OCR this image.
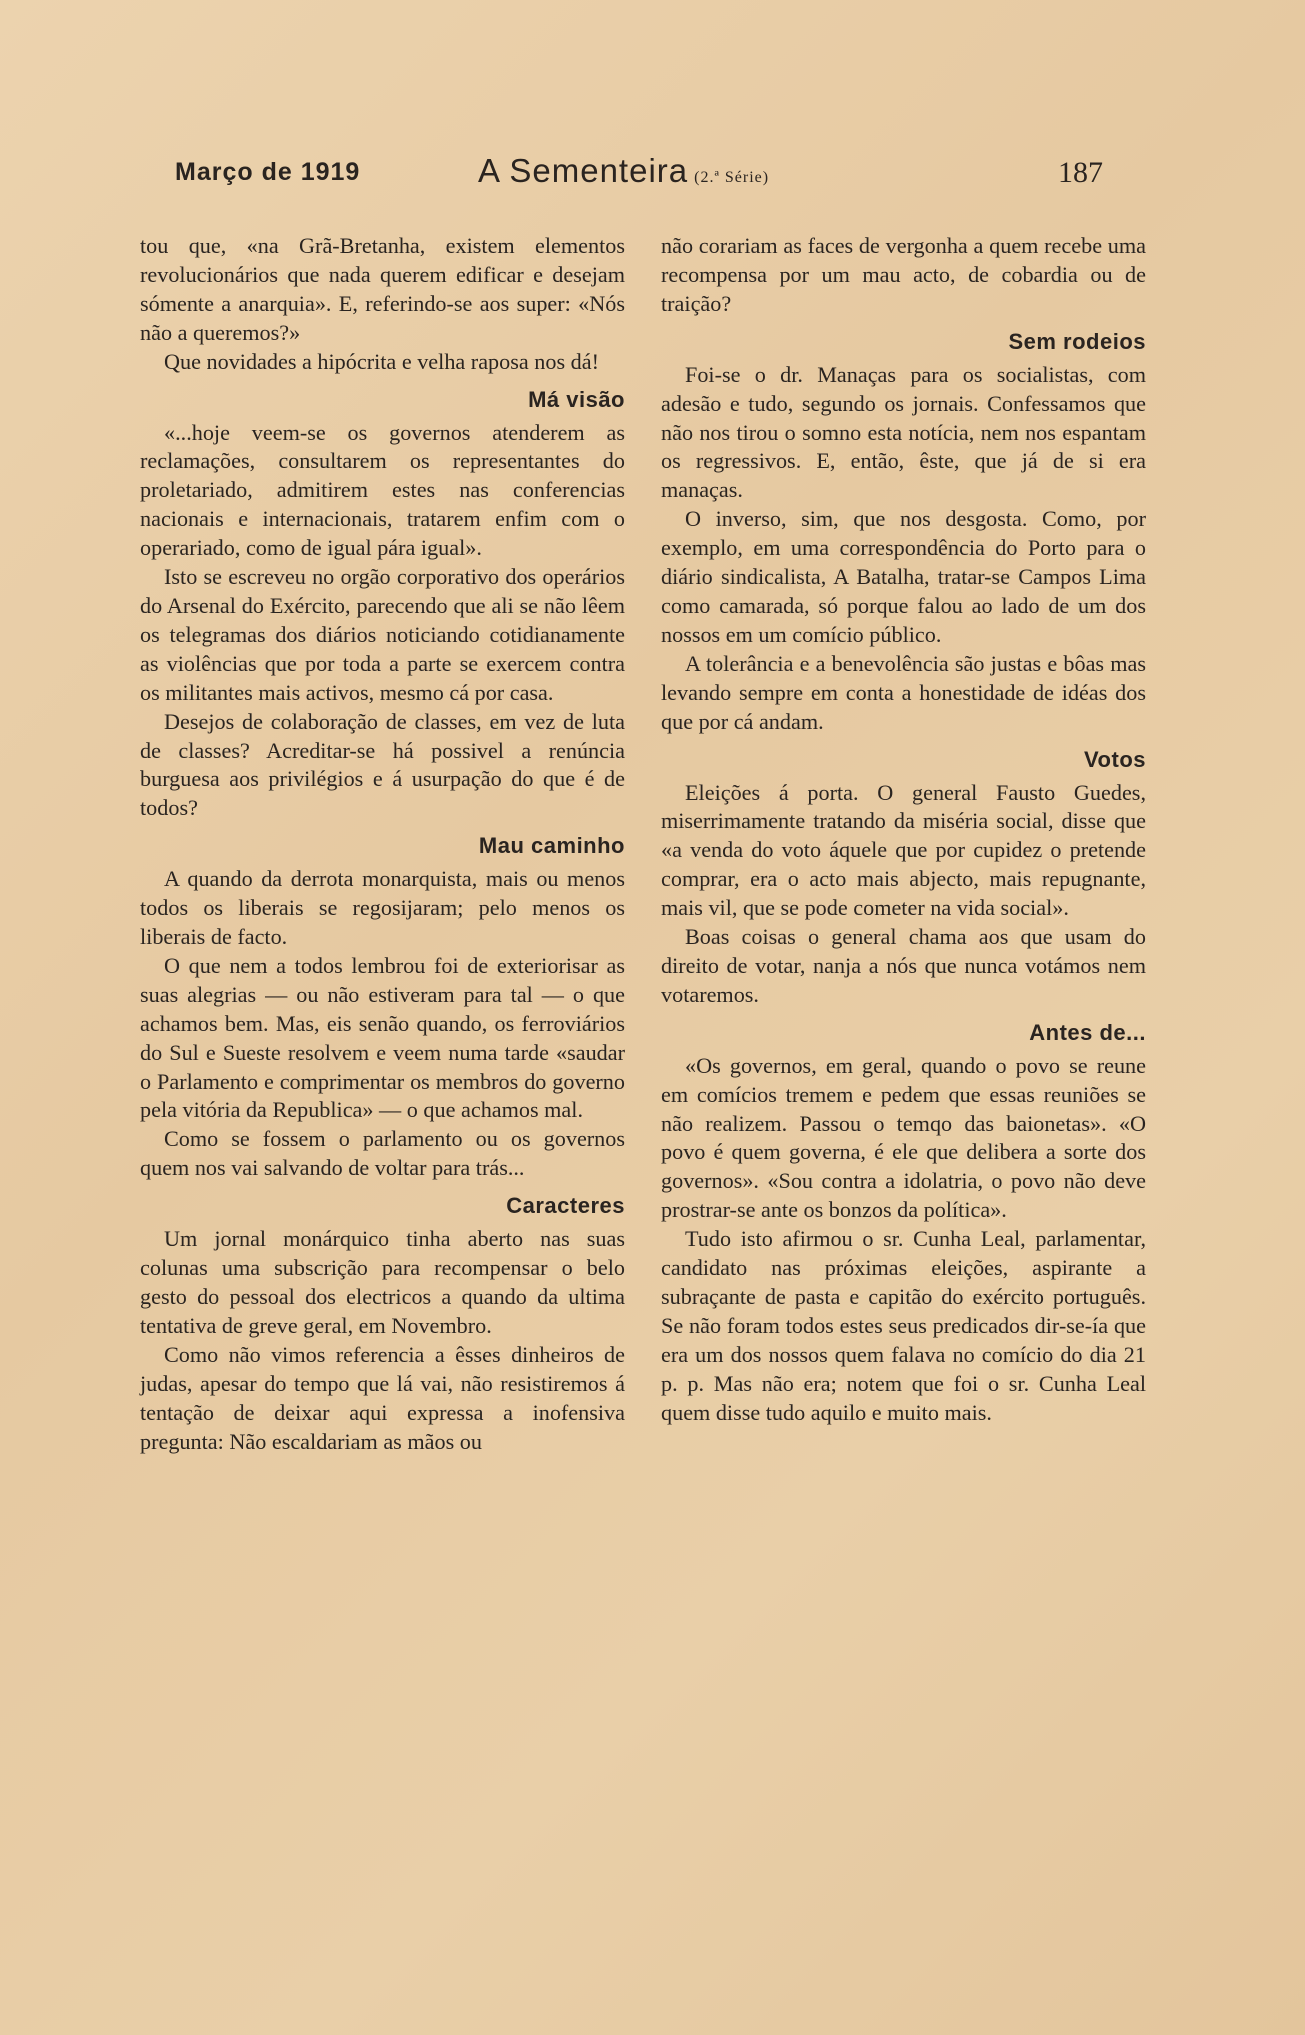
Março de 1919	A Sementeira (2.ª Série)	187

tou que, «na Grã-Bretanha, existem elementos revolucionários que nada querem edificar e desejam sómente a anarquia». E, referindo-se aos super: «Nós não a queremos?»

Que novidades a hipócrita e velha raposa nos dá!

Má visão

«...hoje veem-se os governos atenderem as reclamações, consultarem os representantes do proletariado, admitirem estes nas conferencias nacionais e internacionais, tratarem enfim com o operariado, como de igual pára igual».

Isto se escreveu no orgão corporativo dos operários do Arsenal do Exército, parecendo que ali se não lêem os telegramas dos diários noticiando cotidianamente as violências que por toda a parte se exercem contra os militantes mais activos, mesmo cá por casa.

Desejos de colaboração de classes, em vez de luta de classes? Acreditar-se há possivel a renúncia burguesa aos privilégios e á usurpação do que é de todos?

Mau caminho

A quando da derrota monarquista, mais ou menos todos os liberais se regosijaram; pelo menos os liberais de facto.

O que nem a todos lembrou foi de exteriorisar as suas alegrias — ou não estiveram para tal — o que achamos bem. Mas, eis senão quando, os ferroviários do Sul e Sueste resolvem e veem numa tarde «saudar o Parlamento e comprimentar os membros do governo pela vitória da Republica» — o que achamos mal.

Como se fossem o parlamento ou os governos quem nos vai salvando de voltar para trás...

Caracteres

Um jornal monárquico tinha aberto nas suas colunas uma subscrição para recompensar o belo gesto do pessoal dos electricos a quando da ultima tentativa de greve geral, em Novembro.

Como não vimos referencia a êsses dinheiros de judas, apesar do tempo que lá vai, não resistiremos á tentação de deixar aqui expressa a inofensiva pregunta: Não escaldariam as mãos ou

não corariam as faces de vergonha a quem recebe uma recompensa por um mau acto, de cobardia ou de traição?

Sem rodeios

Foi-se o dr. Manaças para os socialistas, com adesão e tudo, segundo os jornais. Confessamos que não nos tirou o somno esta notícia, nem nos espantam os regressivos. E, então, êste, que já de si era manaças.

O inverso, sim, que nos desgosta. Como, por exemplo, em uma correspondência do Porto para o diário sindicalista, A Batalha, tratar-se Campos Lima como camarada, só porque falou ao lado de um dos nossos em um comício público.

A tolerância e a benevolência são justas e bôas mas levando sempre em conta a honestidade de idéas dos que por cá andam.

Votos

Eleições á porta. O general Fausto Guedes, miserrimamente tratando da miséria social, disse que «a venda do voto áquele que por cupidez o pretende comprar, era o acto mais abjecto, mais repugnante, mais vil, que se pode cometer na vida social».

Boas coisas o general chama aos que usam do direito de votar, nanja a nós que nunca votámos nem votaremos.

Antes de...

«Os governos, em geral, quando o povo se reune em comícios tremem e pedem que essas reuniões se não realizem. Passou o temqo das baionetas». «O povo é quem governa, é ele que delibera a sorte dos governos». «Sou contra a idolatria, o povo não deve prostrar-se ante os bonzos da política».

Tudo isto afirmou o sr. Cunha Leal, parlamentar, candidato nas próximas eleições, aspirante a subraçante de pasta e capitão do exército português. Se não foram todos estes seus predicados dir-se-ía que era um dos nossos quem falava no comício do dia 21 p. p. Mas não era; notem que foi o sr. Cunha Leal quem disse tudo aquilo e muito mais.
